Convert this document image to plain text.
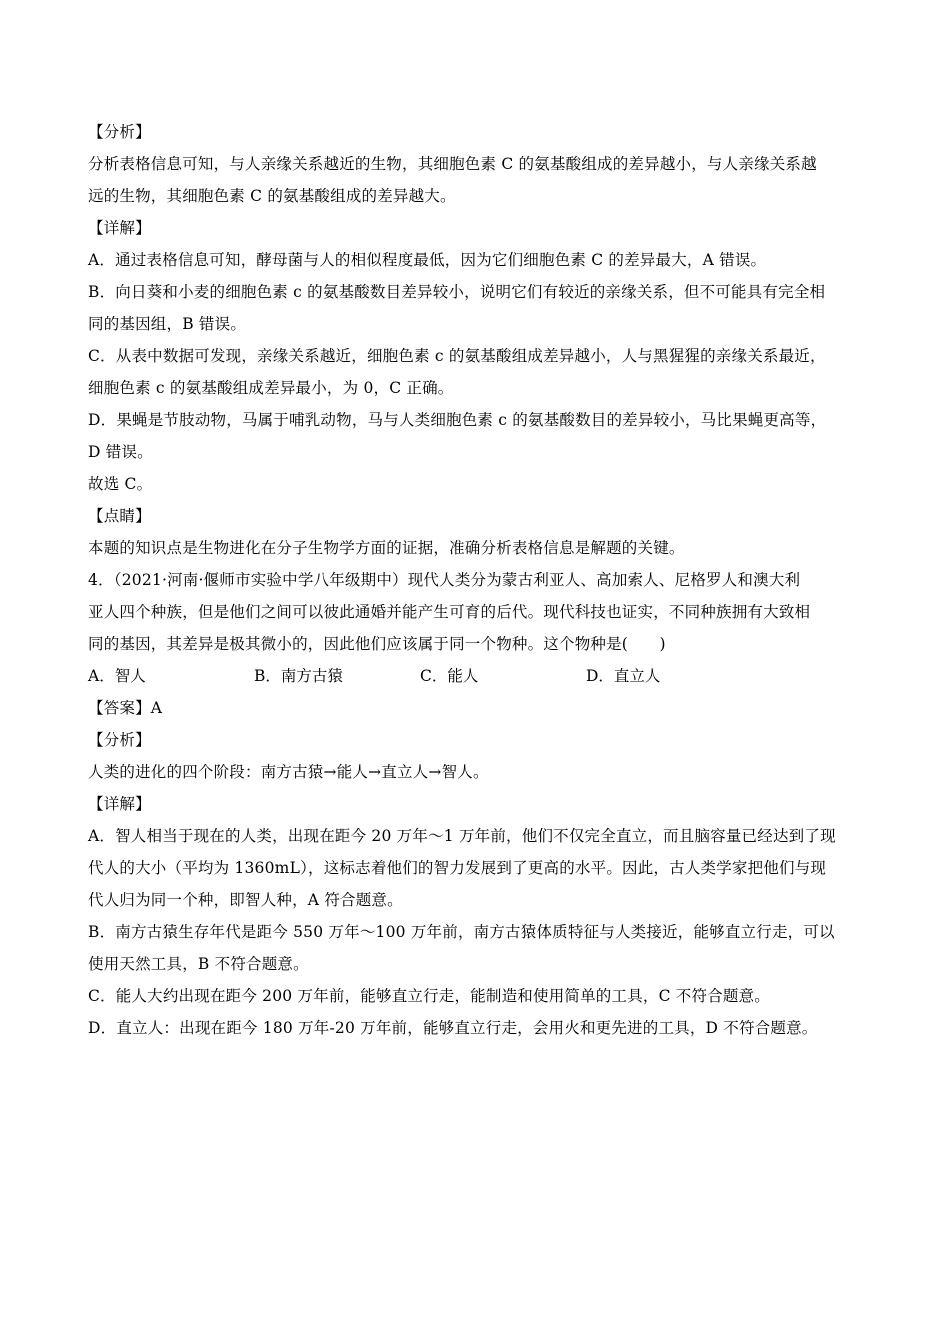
【分析】
分析表格信息可知，与人亲缘关系越近的生物，其细胞色素 C 的氨基酸组成的差异越小，与人亲缘关系越
远的生物，其细胞色素 C 的氨基酸组成的差异越大。
【详解】
A．通过表格信息可知，酵母菌与人的相似程度最低，因为它们细胞色素 C 的差异最大，A 错误。
B．向日葵和小麦的细胞色素 c 的氨基酸数目差异较小，说明它们有较近的亲缘关系，但不可能具有完全相
同的基因组，B 错误。
C．从表中数据可发现，亲缘关系越近，细胞色素 c 的氨基酸组成差异越小，人与黑猩猩的亲缘关系最近，
细胞色素 c 的氨基酸组成差异最小，为 0，C 正确。
D．果蝇是节肢动物，马属于哺乳动物，马与人类细胞色素 c 的氨基酸数目的差异较小，马比果蝇更高等，
D 错误。
故选 C。
【点睛】
本题的知识点是生物进化在分子生物学方面的证据，准确分析表格信息是解题的关键。
4．（2021·河南·偃师市实验中学八年级期中）现代人类分为蒙古利亚人、高加索人、尼格罗人和澳大利
亚人四个种族，但是他们之间可以彼此通婚并能产生可育的后代。现代科技也证实，不同种族拥有大致相
同的基因，其差异是极其微小的，因此他们应该属于同一个物种。这个物种是(　　)
A．智人	B．南方古猿	C．能人	D．直立人
【答案】A
【分析】
人类的进化的四个阶段：南方古猿→能人→直立人→智人。
【详解】
A．智人相当于现在的人类，出现在距今 20 万年～1 万年前，他们不仅完全直立，而且脑容量已经达到了现
代人的大小（平均为 1360mL），这标志着他们的智力发展到了更高的水平。因此，古人类学家把他们与现
代人归为同一个种，即智人种，A 符合题意。
B．南方古猿生存年代是距今 550 万年～100 万年前，南方古猿体质特征与人类接近，能够直立行走，可以
使用天然工具，B 不符合题意。
C．能人大约出现在距今 200 万年前，能够直立行走，能制造和使用简单的工具，C 不符合题意。
D．直立人：出现在距今 180 万年-20 万年前，能够直立行走，会用火和更先进的工具，D 不符合题意。
